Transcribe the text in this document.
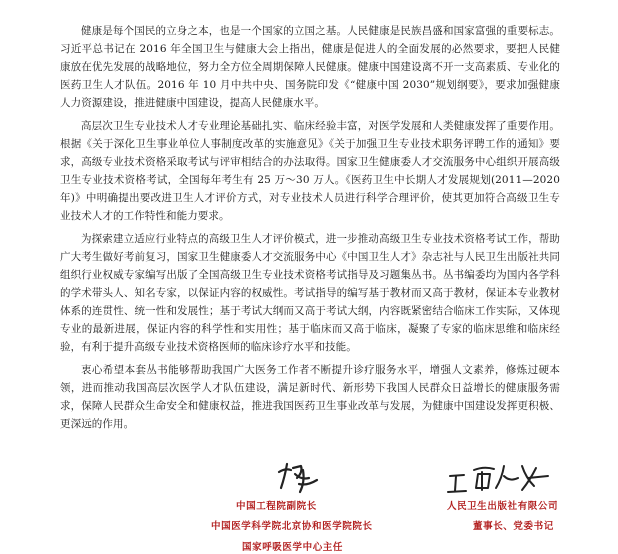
健康是每个国民的立身之本，也是一个国家的立国之基。人民健康是民族昌盛和国家富强的重要标志。习近平总书记在 2016 年全国卫生与健康大会上指出，健康是促进人的全面发展的必然要求，要把人民健康放在优先发展的战略地位，努力全方位全周期保障人民健康。健康中国建设离不开一支高素质、专业化的医药卫生人才队伍。2016 年 10 月中共中央、国务院印发《“健康中国 2030”规划纲要》，要求加强健康人力资源建设，推进健康中国建设，提高人民健康水平。

高层次卫生专业技术人才专业理论基础扎实、临床经验丰富，对医学发展和人类健康发挥了重要作用。根据《关于深化卫生事业单位人事制度改革的实施意见》《关于加强卫生专业技术职务评聘工作的通知》要求，高级专业技术资格采取考试与评审相结合的办法取得。国家卫生健康委人才交流服务中心组织开展高级卫生专业技术资格考试，全国每年考生有 25 万～30 万人。《医药卫生中长期人才发展规划(2011—2020 年)》中明确提出要改进卫生人才评价方式，对专业技术人员进行科学合理评价，使其更加符合高级卫生专业技术人才的工作特性和能力要求。

为探索建立适应行业特点的高级卫生人才评价模式，进一步推动高级卫生专业技术资格考试工作，帮助广大考生做好考前复习，国家卫生健康委人才交流服务中心《中国卫生人才》杂志社与人民卫生出版社共同组织行业权威专家编写出版了全国高级卫生专业技术资格考试指导及习题集丛书。丛书编委均为国内各学科的学术带头人、知名专家，以保证内容的权威性。考试指导的编写基于教材而又高于教材，保证本专业教材体系的连贯性、统一性和发展性；基于考试大纲而又高于考试大纲，内容既紧密结合临床工作实际，又体现专业的最新进展，保证内容的科学性和实用性；基于临床而又高于临床，凝聚了专家的临床思维和临床经验，有利于提升高级专业技术资格医师的临床诊疗水平和技能。

衷心希望本套丛书能够帮助我国广大医务工作者不断提升诊疗服务水平，增强人文素养，修炼过硬本领，进而推动我国高层次医学人才队伍建设，满足新时代、新形势下我国人民群众日益增长的健康服务需求，保障人民群众生命安全和健康权益，推进我国医药卫生事业改革与发展，为健康中国建设发挥更积极、更深远的作用。

中国工程院副院长
中国医学科学院北京协和医学院院长
国家呼吸医学中心主任
人民卫生出版社有限公司
董事长、党委书记
